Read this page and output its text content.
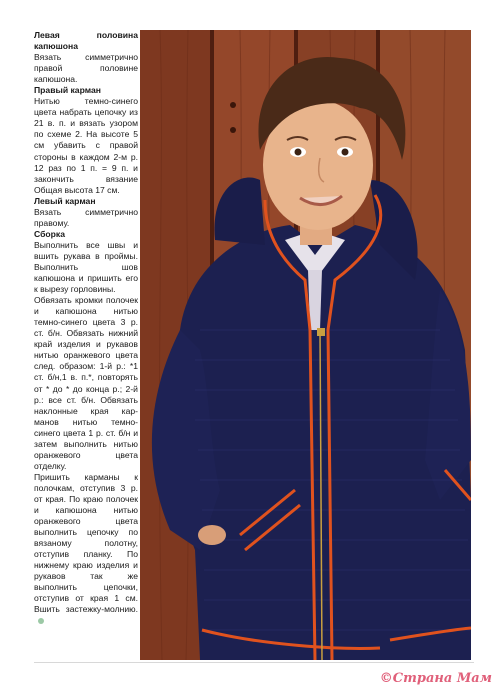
Левая половина капюшона

Вязать симметрично правой половине капюшона.

Правый карман

Нитью темно-синего цвета набрать цепочку из 21 в. п. и вязать узором по схеме 2. На высоте 5 см убавить с правой стороны в каждом 2-м р. 12 раз по 1 п. = 9 п. и закончить вязание Общая высота 17 см.

Левый карман

Вязать симметрично правому.

Сборка

Выполнить все швы и вшить рукава в проймы. Выполнить шов капюшона и пришить его к вырезу горловины.

Обвязать кромки полочек и капюшона нитью темно-синего цвета 3 р. ст. б/н. Обвязать нижний край изделия и рукавов нитью оранжевого цвета след. образом: 1-й р.: *1 ст. б/н,1 в. п.*, повторять от * до * до конца р.; 2-й р.: все ст. б/н. Обвязать наклонные края кар-манов нитью темно-синего цвета 1 р. ст. б/н и затем выполнить нитью оранжевого цвета отделку.

Пришить карманы к полочкам, отступив 3 р. от края. По краю полочек и капюшона нитью оранжевого цвета выполнить цепочку по вязаному полотну, отступив планку. По нижнему краю изделия и рукавов так же выполнить цепочки, отступив от края 1 см. Вшить застежку-молнию.

©Страна Мам
